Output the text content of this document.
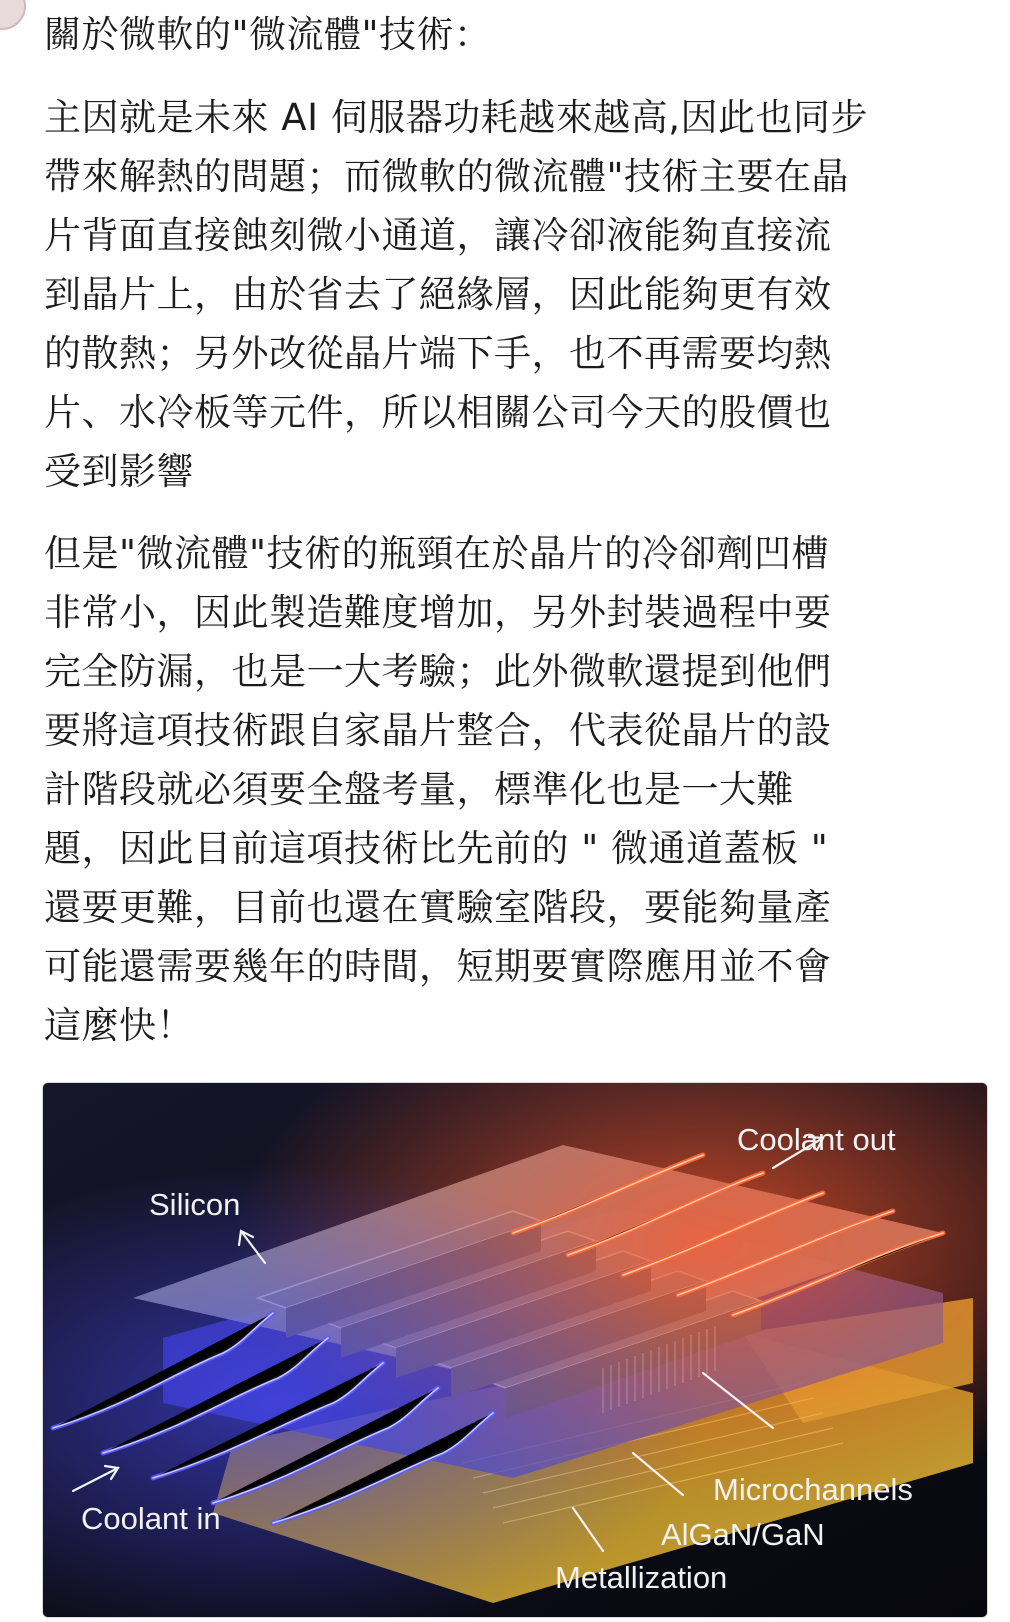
關於微軟的"微流體"技術：

主因就是未來 AI 伺服器功耗越來越高,因此也同步
帶來解熱的問題；而微軟的微流體"技術主要在晶
片背面直接蝕刻微小通道，讓冷卻液能夠直接流
到晶片上，由於省去了絕緣層，因此能夠更有效
的散熱；另外改從晶片端下手，也不再需要均熱
片、水冷板等元件，所以相關公司今天的股價也
受到影響

但是"微流體"技術的瓶頸在於晶片的冷卻劑凹槽
非常小，因此製造難度增加，另外封裝過程中要
完全防漏，也是一大考驗；此外微軟還提到他們
要將這項技術跟自家晶片整合，代表從晶片的設
計階段就必須要全盤考量，標準化也是一大難
題，因此目前這項技術比先前的 " 微通道蓋板 "
還要更難，目前也還在實驗室階段，要能夠量產
可能還需要幾年的時間，短期要實際應用並不會
這麼快！

Coolant out
Silicon
Microchannels
AlGaN/GaN
Metallization
Coolant in
